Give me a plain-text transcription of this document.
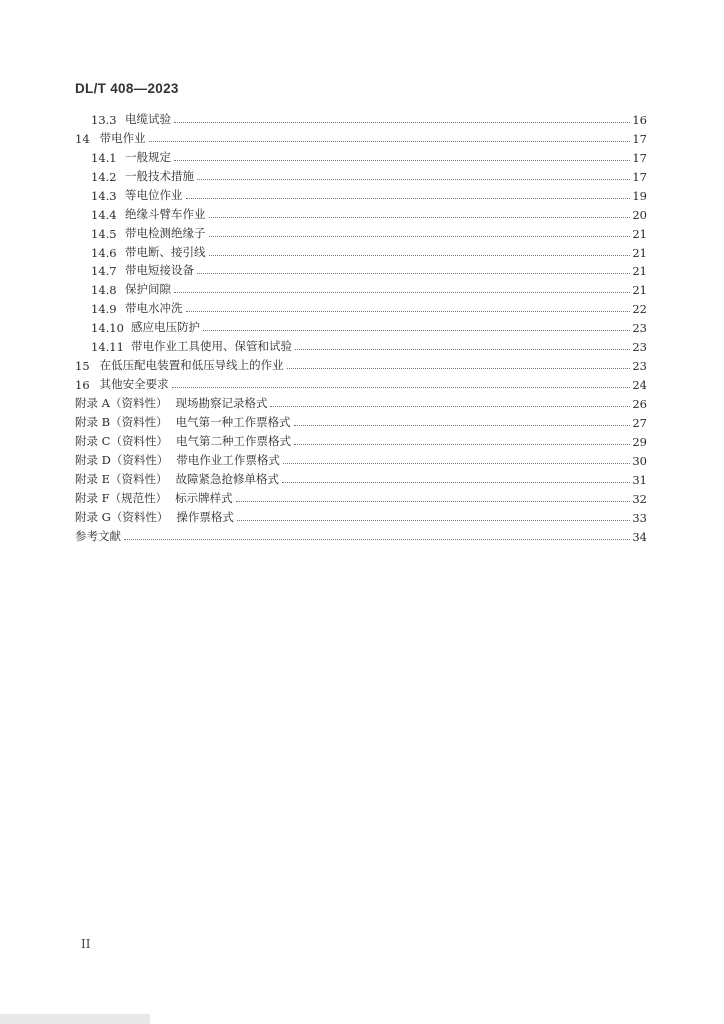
DL/T 408—2023
13.3 电缆试验	16
14 带电作业	17
14.1 一般规定	17
14.2 一般技术措施	17
14.3 等电位作业	19
14.4 绝缘斗臂车作业	20
14.5 带电检测绝缘子	21
14.6 带电断、接引线	21
14.7 带电短接设备	21
14.8 保护间隙	21
14.9 带电水冲洗	22
14.10 感应电压防护	23
14.11 带电作业工具使用、保管和试验	23
15 在低压配电装置和低压导线上的作业	23
16 其他安全要求	24
附录 A（资料性） 现场勘察记录格式	26
附录 B（资料性） 电气第一种工作票格式	27
附录 C（资料性） 电气第二种工作票格式	29
附录 D（资料性） 带电作业工作票格式	30
附录 E（资料性） 故障紧急抢修单格式	31
附录 F（规范性） 标示牌样式	32
附录 G（资料性） 操作票格式	33
参考文献	34
II
